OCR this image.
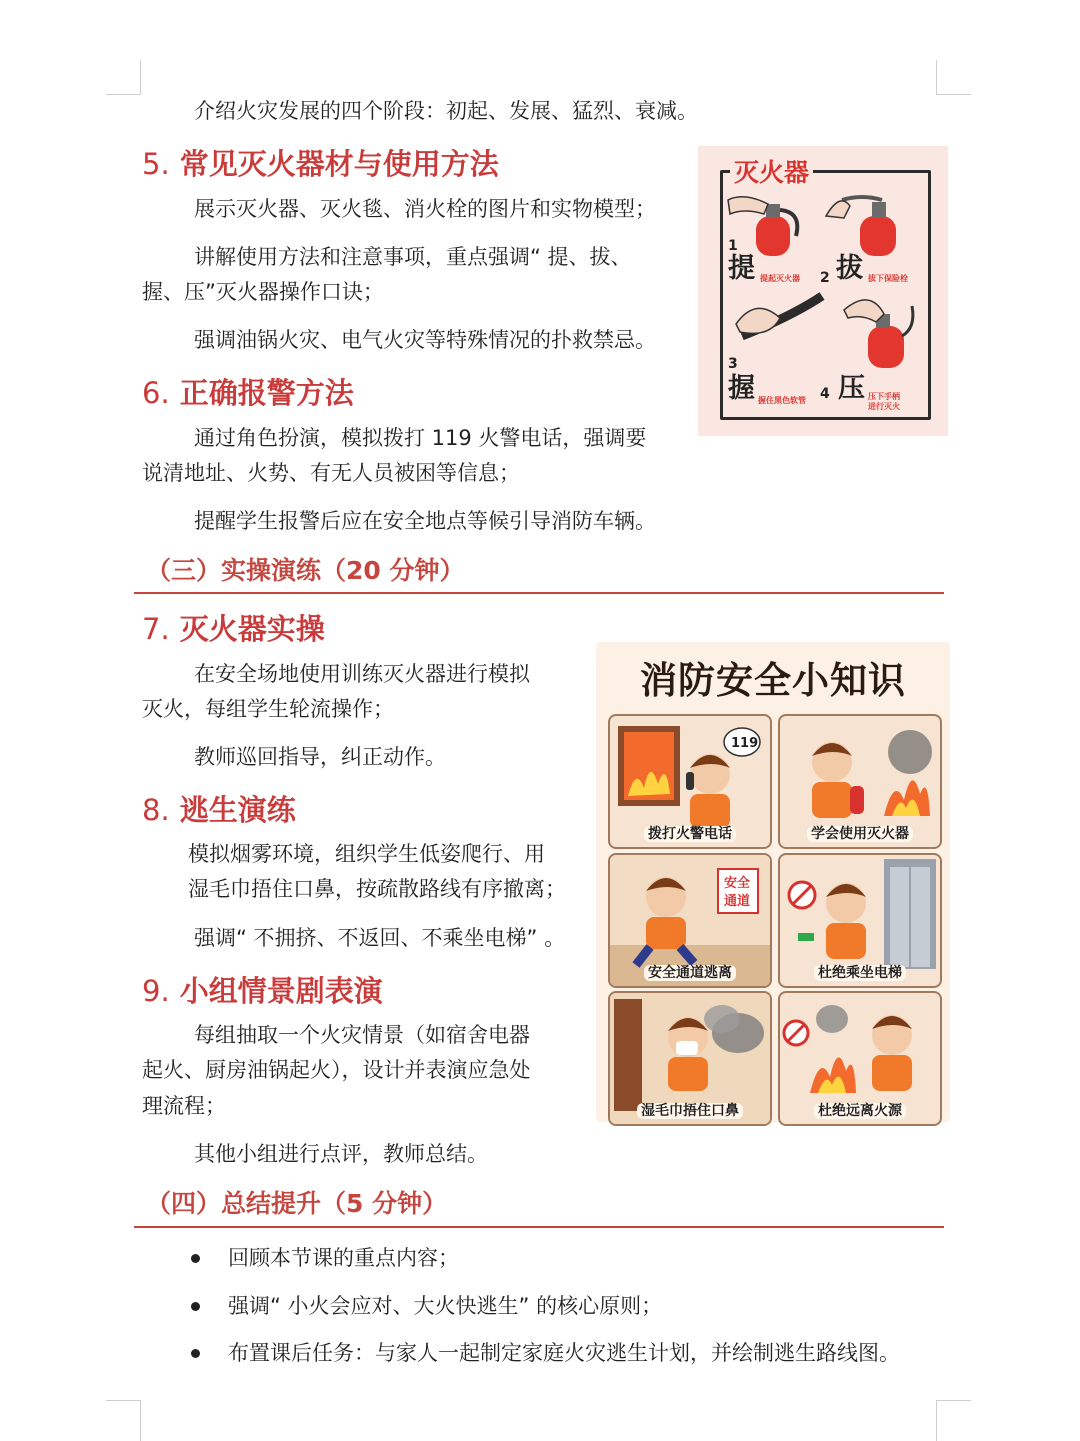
介绍火灾发展的四个阶段：初起、发展、猛烈、衰减。
5. 常见灭火器材与使用方法
展示灭火器、灭火毯、消火栓的图片和实物模型；
讲解使用方法和注意事项，重点强调“ 提、拔、
握、压”灭火器操作口诀；
强调油锅火灾、电气火灾等特殊情况的扑救禁忌。
6. 正确报警方法
通过角色扮演，模拟拨打 119 火警电话，强调要
说清地址、火势、有无人员被困等信息；
提醒学生报警后应在安全地点等候引导消防车辆。
（三）实操演练（20 分钟）
7. 灭火器实操
在安全场地使用训练灭火器进行模拟
灭火，每组学生轮流操作；
教师巡回指导，纠正动作。
8. 逃生演练
模拟烟雾环境，组织学生低姿爬行、用
湿毛巾捂住口鼻，按疏散路线有序撤离；
强调“ 不拥挤、不返回、不乘坐电梯” 。
9. 小组情景剧表演
每组抽取一个火灾情景（如宿舍电器
起火、厨房油锅起火），设计并表演应急处
理流程；
其他小组进行点评，教师总结。
（四）总结提升（5 分钟）
回顾本节课的重点内容；
强调“ 小火会应对、大火快逃生” 的核心原则；
布置课后任务：与家人一起制定家庭火灾逃生计划，并绘制逃生路线图。
灭火器
1
提 提起灭火器 2 拔 拔下保险栓
3
握 握住黑色软管 4 压 压下手柄
进行灭火
消防安全小知识
119
拨打火警电话	学会使用灭火器
安全
通道
安全通道逃离	杜绝乘坐电梯
湿毛巾捂住口鼻	杜绝远离火源
